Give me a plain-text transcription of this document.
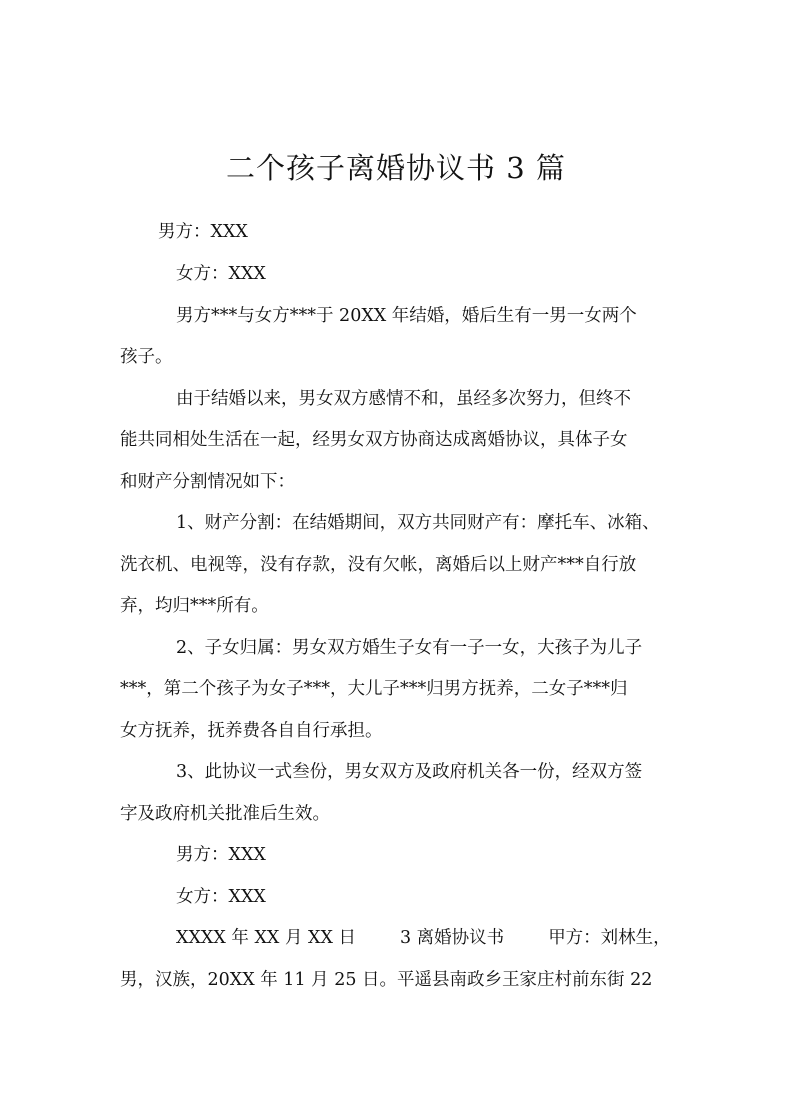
二个孩子离婚协议书 3 篇

男方：XXX

女方：XXX

男方***与女方***于 20XX 年结婚，婚后生有一男一女两个

孩子。

由于结婚以来，男女双方感情不和，虽经多次努力，但终不

能共同相处生活在一起，经男女双方协商达成离婚协议，具体子女

和财产分割情况如下：

1、财产分割：在结婚期间，双方共同财产有：摩托车、冰箱、

洗衣机、电视等，没有存款，没有欠帐，离婚后以上财产***自行放

弃，均归***所有。

2、子女归属：男女双方婚生子女有一子一女，大孩子为儿子

***，第二个孩子为女子***，大儿子***归男方抚养，二女子***归

女方抚养，抚养费各自自行承担。

3、此协议一式叁份，男女双方及政府机关各一份，经双方签

字及政府机关批准后生效。

男方：XXX

女方：XXX

XXXX 年 XX 月 XX 日	3 离婚协议书	甲方：刘林生，

男，汉族，20XX 年 11 月 25 日。平遥县南政乡王家庄村前东街 22
